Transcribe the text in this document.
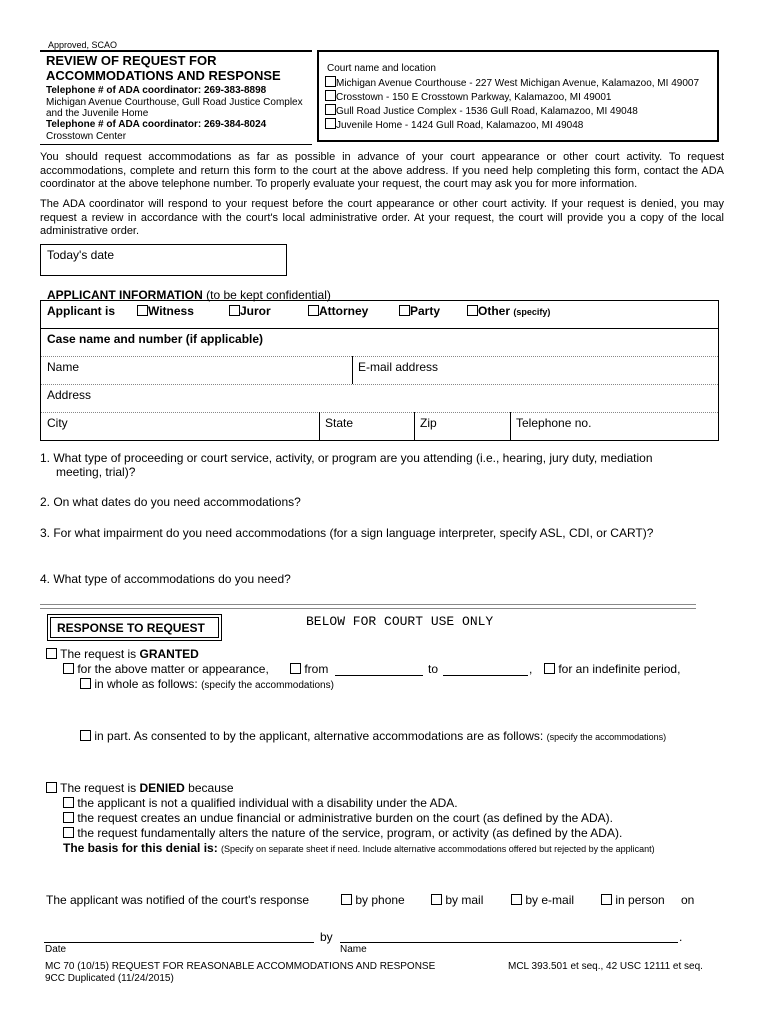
Approved, SCAO
REVIEW OF REQUEST FOR
ACCOMMODATIONS AND RESPONSE
Telephone # of ADA coordinator: 269-383-8898
Michigan Avenue Courthouse, Gull Road Justice Complex
and the Juvenile Home
Telephone # of ADA coordinator: 269-384-8024
Crosstown Center
Court name and location
Michigan Avenue Courthouse - 227 West Michigan Avenue, Kalamazoo, MI 49007
Crosstown - 150 E Crosstown Parkway, Kalamazoo, MI 49001
Gull Road Justice Complex - 1536 Gull Road, Kalamazoo, MI 49048
Juvenile Home - 1424 Gull Road, Kalamazoo, MI 49048
You should request accommodations as far as possible in advance of your court appearance or other court activity. To request accommodations, complete and return this form to the court at the above address. If you need help completing this form, contact the ADA coordinator at the above telephone number. To properly evaluate your request, the court may ask you for more information.
The ADA coordinator will respond to your request before the court appearance or other court activity. If your request is denied, you may request a review in accordance with the court's local administrative order. At your request, the court will provide you a copy of the local administrative order.
Today's date
APPLICANT INFORMATION (to be kept confidential)
Applicant is	Witness	Juror	Attorney	Party	Other (specify)
Case name and number (if applicable)
Name	E-mail address
Address
City	State	Zip	Telephone no.
1. What type of proceeding or court service, activity, or program are you attending (i.e., hearing, jury duty, mediation
meeting, trial)?
2. On what dates do you need accommodations?
3. For what impairment do you need accommodations (for a sign language interpreter, specify ASL, CDI, or CART)?
4. What type of accommodations do you need?
RESPONSE TO REQUEST	BELOW FOR COURT USE ONLY
The request is GRANTED
for the above matter or appearance,	from	to	,	for an indefinite period,
in whole as follows: (specify the accommodations)
in part. As consented to by the applicant, alternative accommodations are as follows: (specify the accommodations)
The request is DENIED because
the applicant is not a qualified individual with a disability under the ADA.
the request creates an undue financial or administrative burden on the court (as defined by the ADA).
the request fundamentally alters the nature of the service, program, or activity (as defined by the ADA).
The basis for this denial is: (Specify on separate sheet if need. Include alternative accommodations offered but rejected by the applicant)
The applicant was notified of the court's response	by phone	by mail	by e-mail	in person on
by	.
Date	Name
MC 70 (10/15) REQUEST FOR REASONABLE ACCOMMODATIONS AND RESPONSE
9CC Duplicated (11/24/2015)
MCL 393.501 et seq., 42 USC 12111 et seq.
